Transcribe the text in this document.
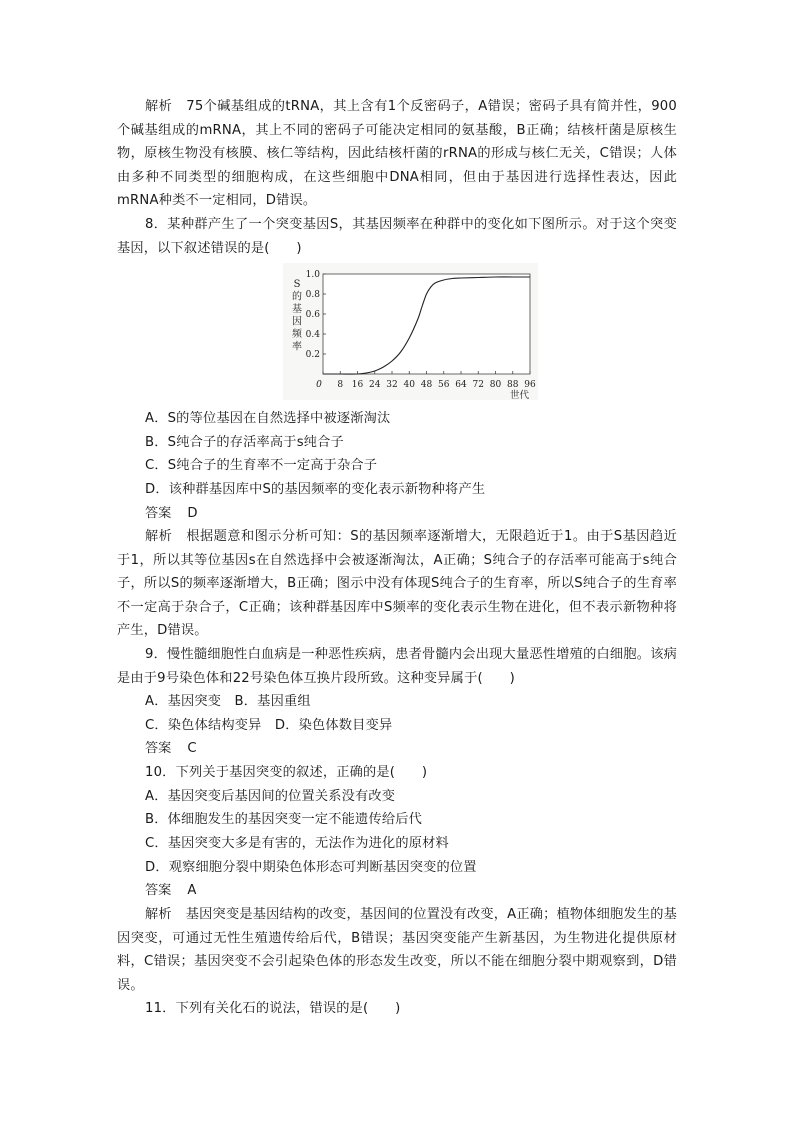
解析 75个碱基组成的tRNA，其上含有1个反密码子，A错误；密码子具有简并性，900个碱基组成的mRNA，其上不同的密码子可能决定相同的氨基酸，B正确；结核杆菌是原核生物，原核生物没有核膜、核仁等结构，因此结核杆菌的rRNA的形成与核仁无关，C错误；人体由多种不同类型的细胞构成，在这些细胞中DNA相同，但由于基因进行选择性表达，因此mRNA种类不一定相同，D错误。
8．某种群产生了一个突变基因S，其基因频率在种群中的变化如下图所示。对于这个突变基因，以下叙述错误的是(　　)
S
的
基
因
频
率
0.2
0.4
0.6
0.8
1.0
0 8 16 24 32 40 48 56 64 72 80 88 96
世代
A．S的等位基因在自然选择中被逐渐淘汰
B．S纯合子的存活率高于s纯合子
C．S纯合子的生育率不一定高于杂合子
D．该种群基因库中S的基因频率的变化表示新物种将产生
答案 D
解析 根据题意和图示分析可知：S的基因频率逐渐增大，无限趋近于1。由于S基因趋近于1，所以其等位基因s在自然选择中会被逐渐淘汰，A正确；S纯合子的存活率可能高于s纯合子，所以S的频率逐渐增大，B正确；图示中没有体现S纯合子的生育率，所以S纯合子的生育率不一定高于杂合子，C正确；该种群基因库中S频率的变化表示生物在进化，但不表示新物种将产生，D错误。
9．慢性髓细胞性白血病是一种恶性疾病，患者骨髓内会出现大量恶性增殖的白细胞。该病是由于9号染色体和22号染色体互换片段所致。这种变异属于(　　)
A．基因突变　B．基因重组
C．染色体结构变异　D．染色体数目变异
答案 C
10．下列关于基因突变的叙述，正确的是(　　)
A．基因突变后基因间的位置关系没有改变
B．体细胞发生的基因突变一定不能遗传给后代
C．基因突变大多是有害的，无法作为进化的原材料
D．观察细胞分裂中期染色体形态可判断基因突变的位置
答案 A
解析 基因突变是基因结构的改变，基因间的位置没有改变，A正确；植物体细胞发生的基因突变，可通过无性生殖遗传给后代，B错误；基因突变能产生新基因，为生物进化提供原材料，C错误；基因突变不会引起染色体的形态发生改变，所以不能在细胞分裂中期观察到，D错误。
11．下列有关化石的说法，错误的是(　　)
